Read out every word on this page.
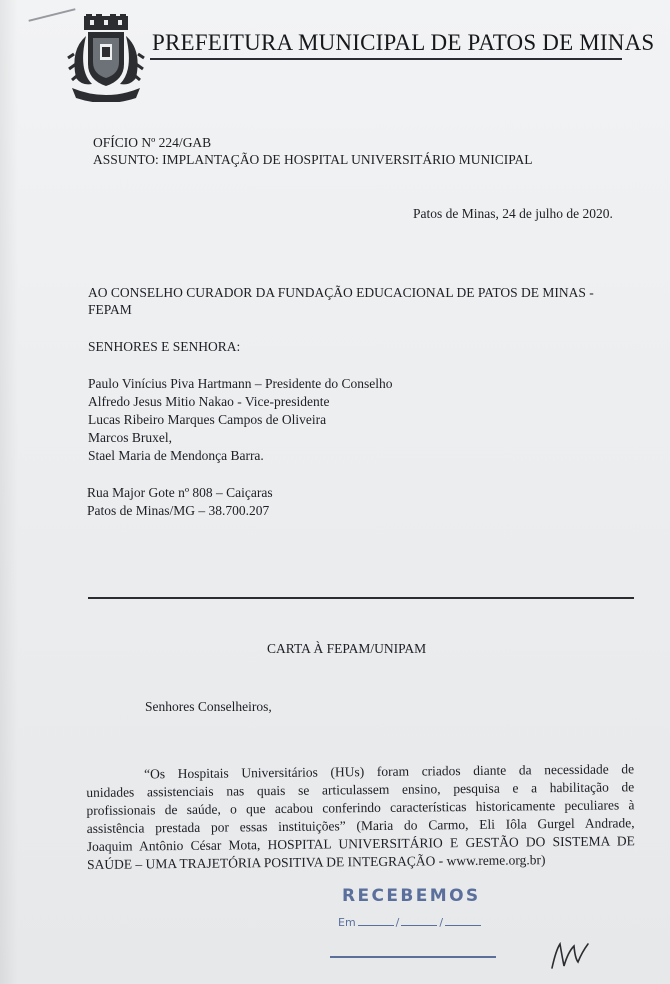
PREFEITURA MUNICIPAL DE PATOS DE MINAS
OFÍCIO Nº 224/GAB
ASSUNTO: IMPLANTAÇÃO DE HOSPITAL UNIVERSITÁRIO MUNICIPAL
Patos de Minas, 24 de julho de 2020.
AO CONSELHO CURADOR DA FUNDAÇÃO EDUCACIONAL DE PATOS DE MINAS -
FEPAM
SENHORES E SENHORA:
Paulo Vinícius Piva Hartmann – Presidente do Conselho
Alfredo Jesus Mitio Nakao - Vice-presidente
Lucas Ribeiro Marques Campos de Oliveira
Marcos Bruxel,
Stael Maria de Mendonça Barra.
Rua Major Gote nº 808 – Caiçaras
Patos de Minas/MG – 38.700.207
CARTA À FEPAM/UNIPAM
Senhores Conselheiros,
“Os Hospitais Universitários (HUs) foram criados diante da necessidade de
unidades assistenciais nas quais se articulassem ensino, pesquisa e a habilitação de
profissionais de saúde, o que acabou conferindo características historicamente peculiares à
assistência prestada por essas instituições” (Maria do Carmo, Eli Iôla Gurgel Andrade,
Joaquim Antônio César Mota, HOSPITAL UNIVERSITÁRIO E GESTÃO DO SISTEMA DE
SAÚDE – UMA TRAJETÓRIA POSITIVA DE INTEGRAÇÃO - www.reme.org.br)
RECEBEMOS
Em	/	/
